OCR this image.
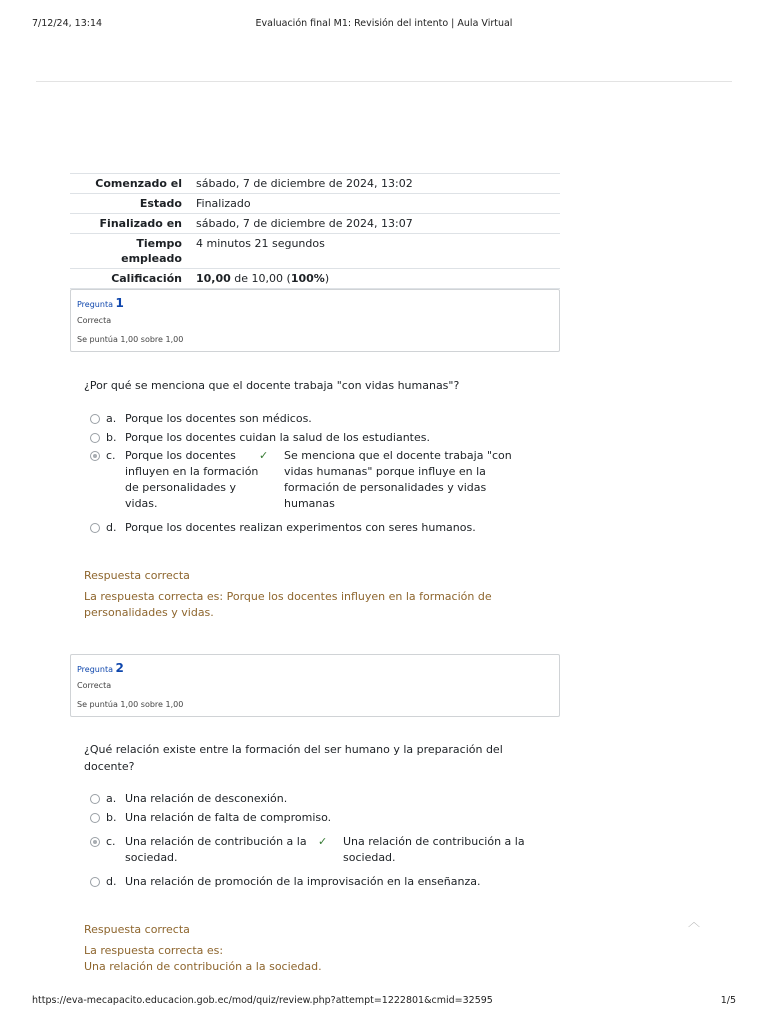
7/12/24, 13:14	Evaluación final M1: Revisión del intento | Aula Virtual
Comenzado el	sábado, 7 de diciembre de 2024, 13:02
Estado	Finalizado
Finalizado en	sábado, 7 de diciembre de 2024, 13:07
Tiempo
empleado	4 minutos 21 segundos
Calificación	10,00 de 10,00 (100%)
Pregunta 1
Correcta
Se puntúa 1,00 sobre 1,00
¿Por qué se menciona que el docente trabaja "con vidas humanas"?
a. Porque los docentes son médicos.
b. Porque los docentes cuidan la salud de los estudiantes.
c. Porque los docentes influyen en la formación de personalidades y vidas.
✓ Se menciona que el docente trabaja "con vidas humanas" porque influye en la formación de personalidades y vidas humanas
d. Porque los docentes realizan experimentos con seres humanos.
Respuesta correcta
La respuesta correcta es: Porque los docentes influyen en la formación de personalidades y vidas.
Pregunta 2
Correcta
Se puntúa 1,00 sobre 1,00
¿Qué relación existe entre la formación del ser humano y la preparación del docente?
a. Una relación de desconexión.
b. Una relación de falta de compromiso.
c. Una relación de contribución a la sociedad.
✓ Una relación de contribución a la sociedad.
d. Una relación de promoción de la improvisación en la enseñanza.
Respuesta correcta
La respuesta correcta es:
Una relación de contribución a la sociedad.
︿
https://eva-mecapacito.educacion.gob.ec/mod/quiz/review.php?attempt=1222801&cmid=32595	1/5
